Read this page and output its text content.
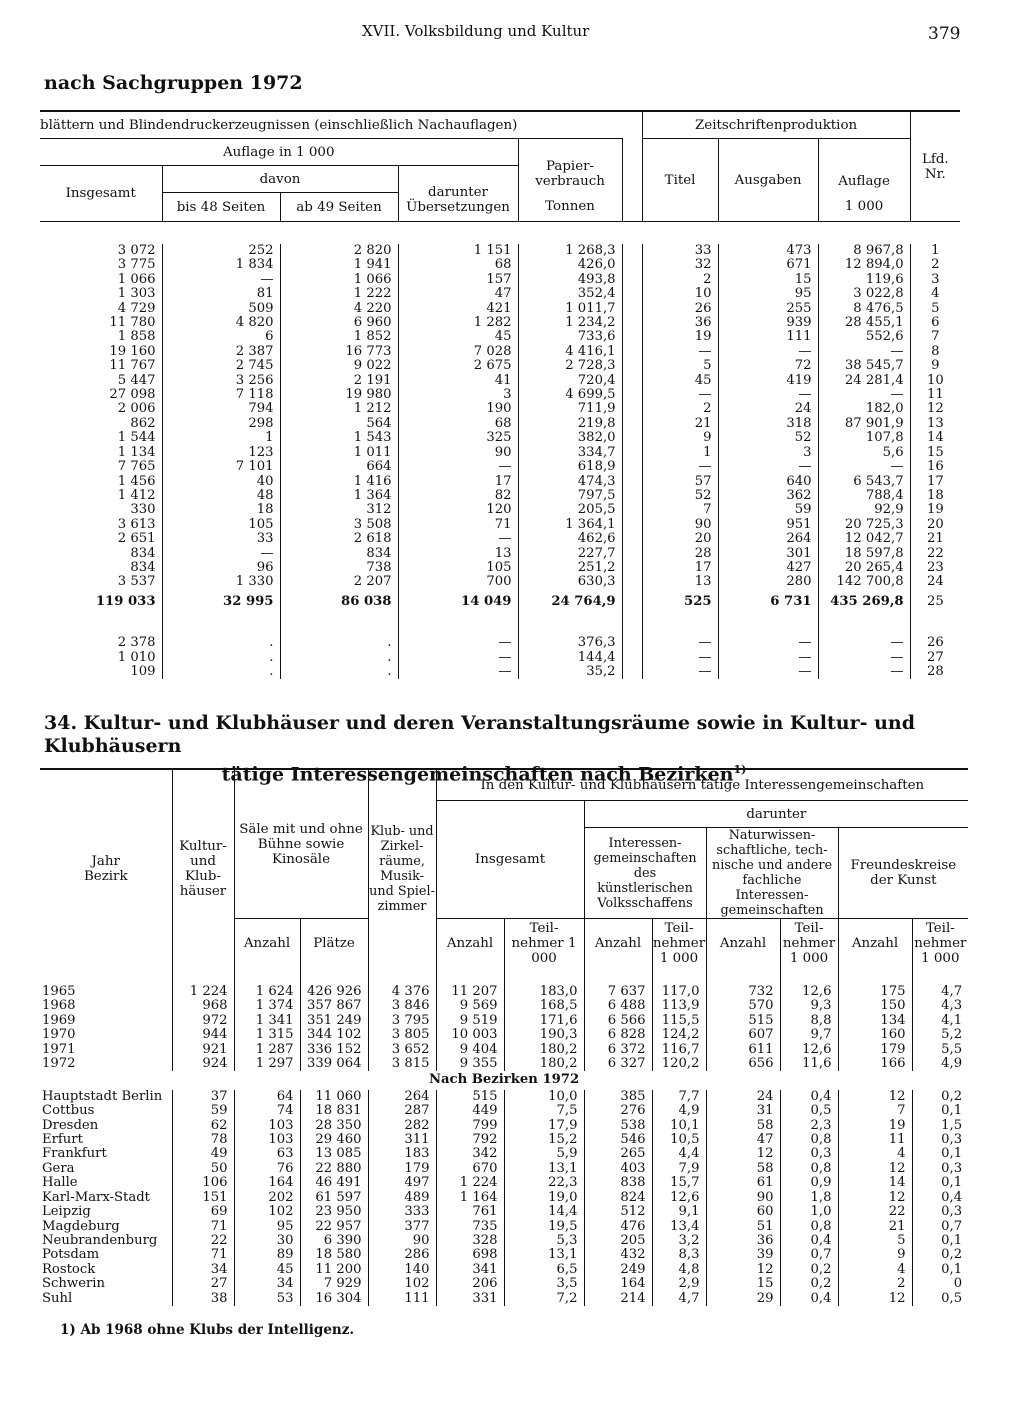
XVII. Volksbildung und Kultur	379
nach Sachgruppen 1972
blättern und Blindendruckerzeugnissen (einschließlich Nachauflagen)						Zeitschriftenproduktion			Lfd. Nr.
Auflage in 1 000				Papier-verbrauch		Titel	Ausgaben	Auflage	
Insgesamt	davon		darunter Übersetzungen						
	bis 48 Seiten	ab 49 Seiten		Tonnen				1 000	

3 072	252	2 820	1 151	1 268,3		33	473	8 967,8	1
3 775	1 834	1 941	68	426,0		32	671	12 894,0	2
1 066	—	1 066	157	493,8		2	15	119,6	3
1 303	81	1 222	47	352,4		10	95	3 022,8	4
4 729	509	4 220	421	1 011,7		26	255	8 476,5	5
11 780	4 820	6 960	1 282	1 234,2		36	939	28 455,1	6
1 858	6	1 852	45	733,6		19	111	552,6	7
19 160	2 387	16 773	7 028	4 416,1		—	—	—	8
11 767	2 745	9 022	2 675	2 728,3		5	72	38 545,7	9
5 447	3 256	2 191	41	720,4		45	419	24 281,4	10
27 098	7 118	19 980	3	4 699,5		—	—	—	11
2 006	794	1 212	190	711,9		2	24	182,0	12
862	298	564	68	219,8		21	318	87 901,9	13
1 544	1	1 543	325	382,0		9	52	107,8	14
1 134	123	1 011	90	334,7		1	3	5,6	15
7 765	7 101	664	—	618,9		—	—	—	16
1 456	40	1 416	17	474,3		57	640	6 543,7	17
1 412	48	1 364	82	797,5		52	362	788,4	18
330	18	312	120	205,5		7	59	92,9	19
3 613	105	3 508	71	1 364,1		90	951	20 725,3	20
2 651	33	2 618	—	462,6		20	264	12 042,7	21
834	—	834	13	227,7		28	301	18 597,8	22
834	96	738	105	251,2		17	427	20 265,4	23
3 537	1 330	2 207	700	630,3		13	280	142 700,8	24
119 033	32 995	86 038	14 049	24 764,9		525	6 731	435 269,8	25

2 378	.	.	—	376,3		—	—	—	26
1 010	.	.	—	144,4		—	—	—	27
109	.	.	—	35,2		—	—	—	28
34. Kultur- und Klubhäuser und deren Veranstaltungsräume sowie in Kultur- und Klubhäusern
tätige Interessengemeinschaften nach Bezirken$^{1)}$
Jahr Bezirk	Kultur- und Klub-häuser	Säle mit und ohne Bühne sowie Kinosäle		Klub- und Zirkel-räume, Musik- und Spiel-zimmer	In den Kultur- und Klubhäusern tätige Interessengemeinschaften							
					Insgesamt		darunter					
							Interessen-gemeinschaften des künstlerischen Volksschaffens		Naturwissen-schaftliche, tech-nische und andere fachliche Interessen-gemeinschaften		Freundeskreise der Kunst	
		Anzahl	Plätze		Anzahl	Teil-nehmer 1 000	Anzahl	Teil-nehmer 1 000	Anzahl	Teil-nehmer 1 000	Anzahl	Teil-nehmer 1 000
1965	1 224	1 624	426 926	4 376	11 207	183,0	7 637	117,0	732	12,6	175	4,7
1968	968	1 374	357 867	3 846	9 569	168,5	6 488	113,9	570	9,3	150	4,3
1969	972	1 341	351 249	3 795	9 519	171,6	6 566	115,5	515	8,8	134	4,1
1970	944	1 315	344 102	3 805	10 003	190,3	6 828	124,2	607	9,7	160	5,2
1971	921	1 287	336 152	3 652	9 404	180,2	6 372	116,7	611	12,6	179	5,5
1972	924	1 297	339 064	3 815	9 355	180,2	6 327	120,2	656	11,6	166	4,9
Nach Bezirken 1972												
Hauptstadt Berlin	37	64	11 060	264	515	10,0	385	7,7	24	0,4	12	0,2
Cottbus	59	74	18 831	287	449	7,5	276	4,9	31	0,5	7	0,1
Dresden	62	103	28 350	282	799	17,9	538	10,1	58	2,3	19	1,5
Erfurt	78	103	29 460	311	792	15,2	546	10,5	47	0,8	11	0,3
Frankfurt	49	63	13 085	183	342	5,9	265	4,4	12	0,3	4	0,1
Gera	50	76	22 880	179	670	13,1	403	7,9	58	0,8	12	0,3
Halle	106	164	46 491	497	1 224	22,3	838	15,7	61	0,9	14	0,1
Karl-Marx-Stadt	151	202	61 597	489	1 164	19,0	824	12,6	90	1,8	12	0,4
Leipzig	69	102	23 950	333	761	14,4	512	9,1	60	1,0	22	0,3
Magdeburg	71	95	22 957	377	735	19,5	476	13,4	51	0,8	21	0,7
Neubrandenburg	22	30	6 390	90	328	5,3	205	3,2	36	0,4	5	0,1
Potsdam	71	89	18 580	286	698	13,1	432	8,3	39	0,7	9	0,2
Rostock	34	45	11 200	140	341	6,5	249	4,8	12	0,2	4	0,1
Schwerin	27	34	7 929	102	206	3,5	164	2,9	15	0,2	2	0
Suhl	38	53	16 304	111	331	7,2	214	4,7	29	0,4	12	0,5
1) Ab 1968 ohne Klubs der Intelligenz.
